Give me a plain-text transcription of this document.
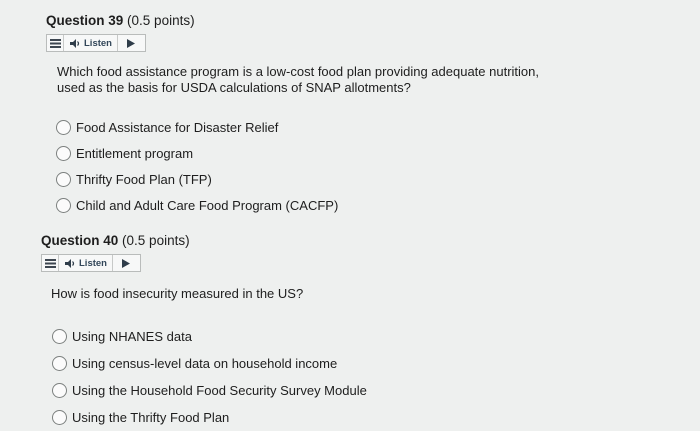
Question 39 (0.5 points)

Listen

Which food assistance program is a low-cost food plan providing adequate nutrition, used as the basis for USDA calculations of SNAP allotments?

Food Assistance for Disaster Relief
Entitlement program
Thrifty Food Plan (TFP)
Child and Adult Care Food Program (CACFP)

Question 40 (0.5 points)

Listen

How is food insecurity measured in the US?

Using NHANES data
Using census-level data on household income
Using the Household Food Security Survey Module
Using the Thrifty Food Plan
